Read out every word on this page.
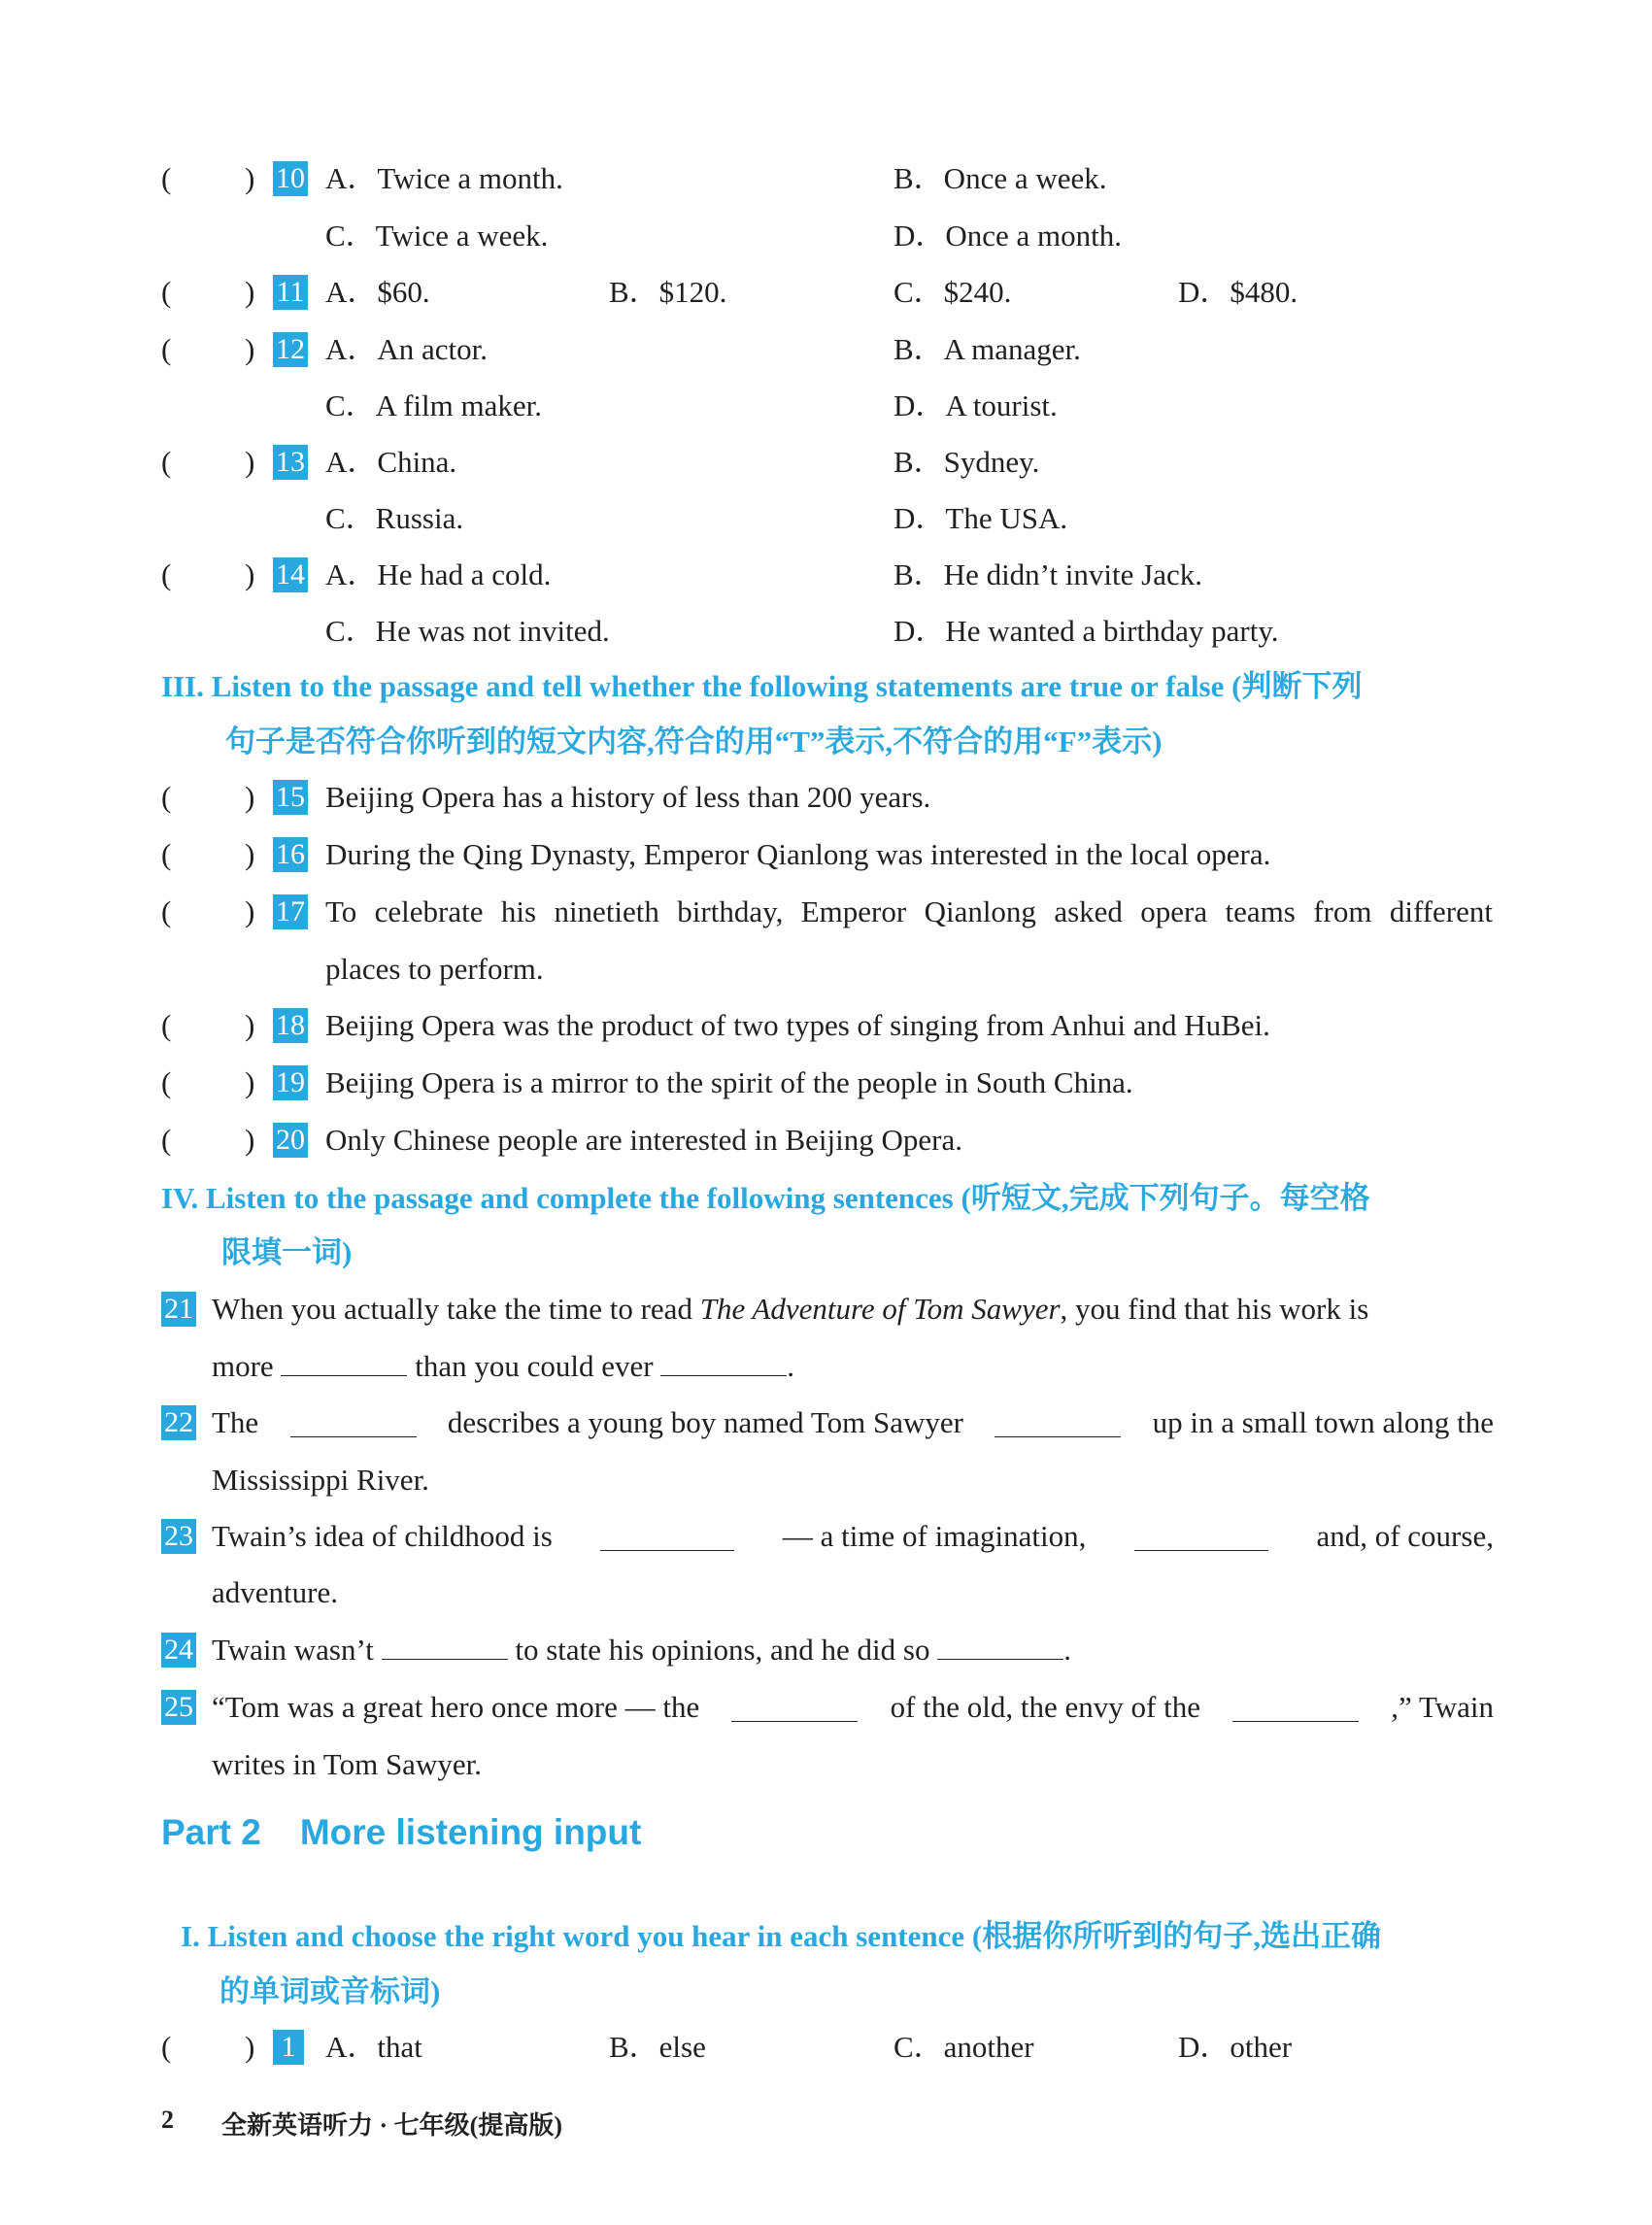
( ) 10 A．Twice a month.	B．Once a week.
C．Twice a week.	D．Once a month.
( ) 11 A．$60.	B．$120.	C．$240.	D．$480.
( ) 12 A．An actor.	B．A manager.
C．A film maker.	D．A tourist.
( ) 13 A．China.	B．Sydney.
C．Russia.	D．The USA.
( ) 14 A．He had a cold.	B．He didn’t invite Jack.
C．He was not invited.	D．He wanted a birthday party.
III. Listen to the passage and tell whether the following statements are true or false (判断下列
句子是否符合你听到的短文内容,符合的用“T”表示,不符合的用“F”表示)
( ) 15 Beijing Opera has a history of less than 200 years.
( ) 16 During the Qing Dynasty, Emperor Qianlong was interested in the local opera.
( ) 17 To celebrate his ninetieth birthday, Emperor Qianlong asked opera teams from different
places to perform.
( ) 18 Beijing Opera was the product of two types of singing from Anhui and HuBei.
( ) 19 Beijing Opera is a mirror to the spirit of the people in South China.
( ) 20 Only Chinese people are interested in Beijing Opera.
IV. Listen to the passage and complete the following sentences (听短文,完成下列句子。每空格
限填一词)
21 When you actually take the time to read The Adventure of Tom Sawyer, you find that his work is
more	than you could ever	.
22 The	describes a young boy named Tom Sawyer	up in a small town along the
Mississippi River.
23 Twain’s idea of childhood is	— a time of imagination,	and, of course,
adventure.
24 Twain wasn’t	to state his opinions, and he did so	.
25 “Tom was a great hero once more — the	of the old, the envy of the	,” Twain
writes in Tom Sawyer.
Part 2 More listening input
I. Listen and choose the right word you hear in each sentence (根据你所听到的句子,选出正确
的单词或音标词)
( ) 1 A．that	B．else	C．another	D．other
2 全新英语听力 · 七年级(提高版)
